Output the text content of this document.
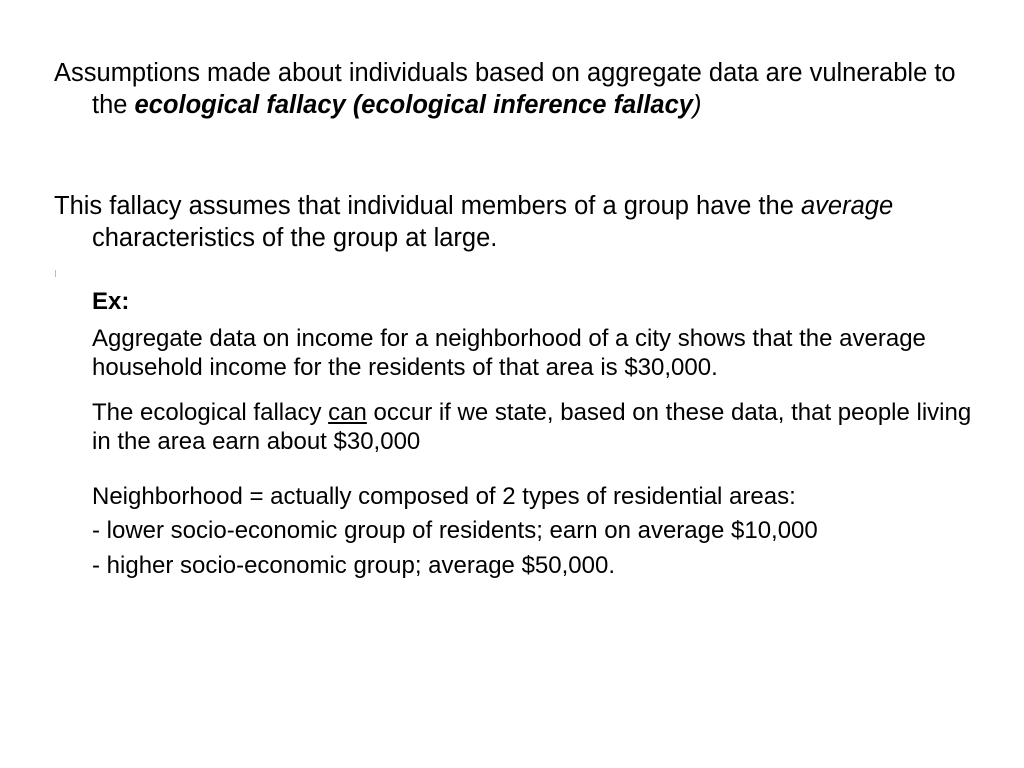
Assumptions made about individuals based on aggregate data are vulnerable to the ecological fallacy (ecological inference fallacy)

This fallacy assumes that individual members of a group have the average characteristics of the group at large.

Ex:

Aggregate data on income for a neighborhood of a city shows that the average household income for the residents of that area is $30,000.

The ecological fallacy can occur if we state, based on these data, that people living in the area earn about $30,000

Neighborhood = actually composed of 2 types of residential areas:

- lower socio-economic group of residents; earn on average $10,000

- higher socio-economic group; average $50,000.
